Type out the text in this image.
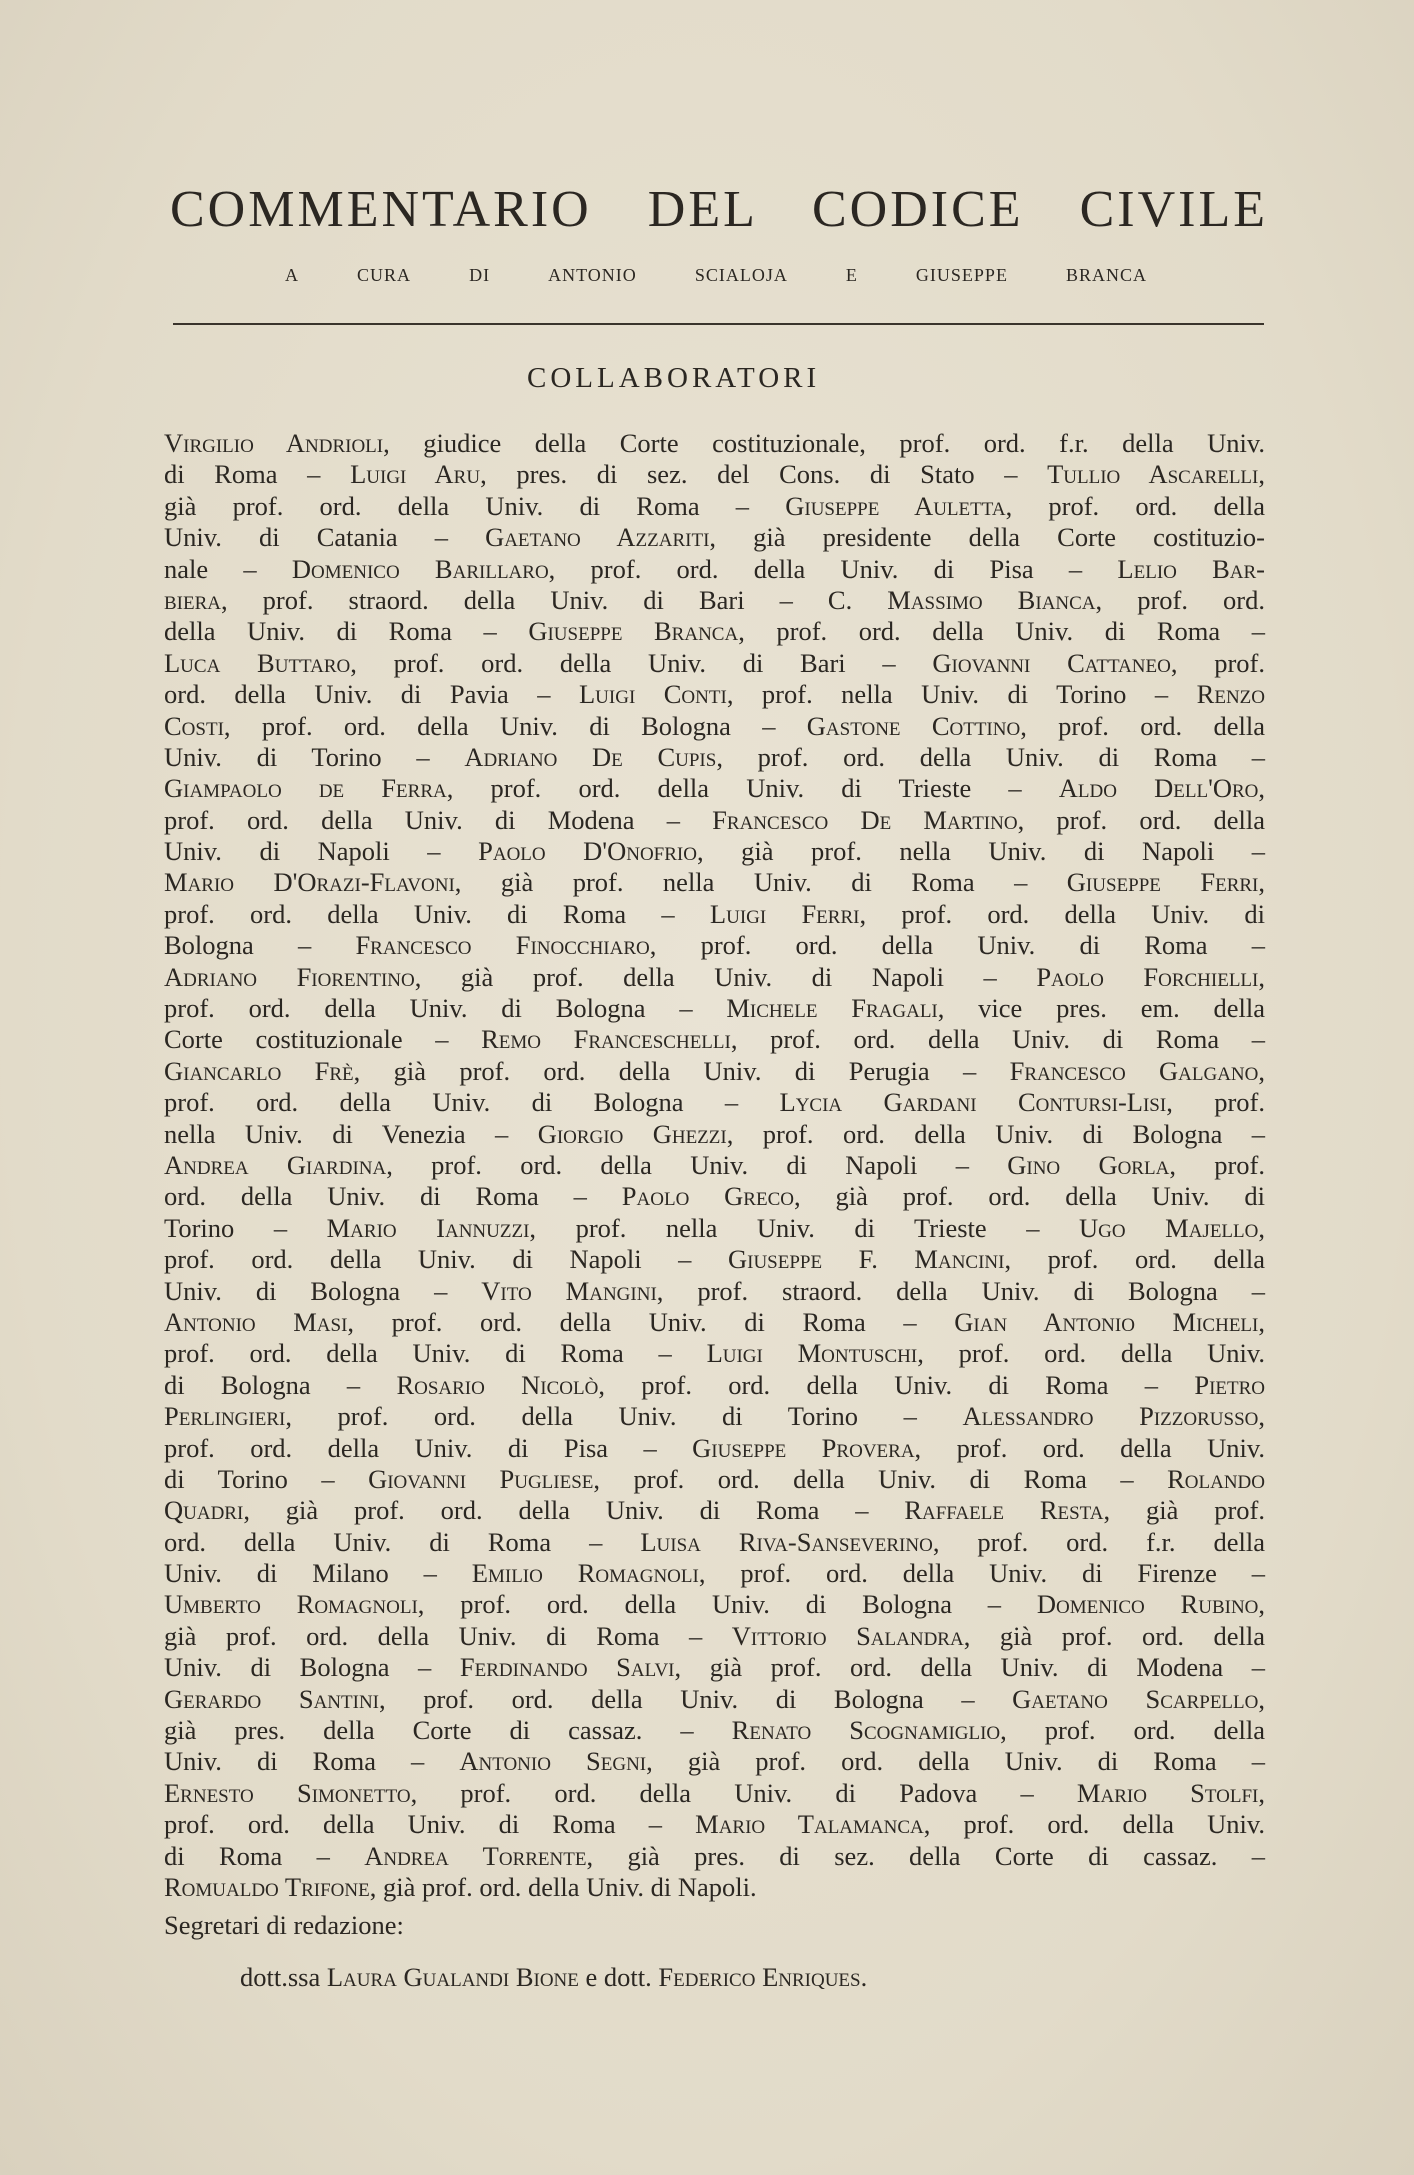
COMMENTARIO DEL CODICE CIVILE
a cura di antonio scialoja e giuseppe branca
COLLABORATORI
Virgilio Andrioli, giudice della Corte costituzionale, prof. ord. f.r. della Univ.
di Roma – Luigi Aru, pres. di sez. del Cons. di Stato – Tullio Ascarelli,
già prof. ord. della Univ. di Roma – Giuseppe Auletta, prof. ord. della
Univ. di Catania – Gaetano Azzariti, già presidente della Corte costituzio-
nale – Domenico Barillaro, prof. ord. della Univ. di Pisa – Lelio Bar-
biera, prof. straord. della Univ. di Bari – C. Massimo Bianca, prof. ord.
della Univ. di Roma – Giuseppe Branca, prof. ord. della Univ. di Roma –
Luca Buttaro, prof. ord. della Univ. di Bari – Giovanni Cattaneo, prof.
ord. della Univ. di Pavia – Luigi Conti, prof. nella Univ. di Torino – Renzo
Costi, prof. ord. della Univ. di Bologna – Gastone Cottino, prof. ord. della
Univ. di Torino – Adriano De Cupis, prof. ord. della Univ. di Roma –
Giampaolo de Ferra, prof. ord. della Univ. di Trieste – Aldo Dell'Oro,
prof. ord. della Univ. di Modena – Francesco De Martino, prof. ord. della
Univ. di Napoli – Paolo D'Onofrio, già prof. nella Univ. di Napoli –
Mario D'Orazi-Flavoni, già prof. nella Univ. di Roma – Giuseppe Ferri,
prof. ord. della Univ. di Roma – Luigi Ferri, prof. ord. della Univ. di
Bologna – Francesco Finocchiaro, prof. ord. della Univ. di Roma –
Adriano Fiorentino, già prof. della Univ. di Napoli – Paolo Forchielli,
prof. ord. della Univ. di Bologna – Michele Fragali, vice pres. em. della
Corte costituzionale – Remo Franceschelli, prof. ord. della Univ. di Roma –
Giancarlo Frè, già prof. ord. della Univ. di Perugia – Francesco Galgano,
prof. ord. della Univ. di Bologna – Lycia Gardani Contursi-Lisi, prof.
nella Univ. di Venezia – Giorgio Ghezzi, prof. ord. della Univ. di Bologna –
Andrea Giardina, prof. ord. della Univ. di Napoli – Gino Gorla, prof.
ord. della Univ. di Roma – Paolo Greco, già prof. ord. della Univ. di
Torino – Mario Iannuzzi, prof. nella Univ. di Trieste – Ugo Majello,
prof. ord. della Univ. di Napoli – Giuseppe F. Mancini, prof. ord. della
Univ. di Bologna – Vito Mangini, prof. straord. della Univ. di Bologna –
Antonio Masi, prof. ord. della Univ. di Roma – Gian Antonio Micheli,
prof. ord. della Univ. di Roma – Luigi Montuschi, prof. ord. della Univ.
di Bologna – Rosario Nicolò, prof. ord. della Univ. di Roma – Pietro
Perlingieri, prof. ord. della Univ. di Torino – Alessandro Pizzorusso,
prof. ord. della Univ. di Pisa – Giuseppe Provera, prof. ord. della Univ.
di Torino – Giovanni Pugliese, prof. ord. della Univ. di Roma – Rolando
Quadri, già prof. ord. della Univ. di Roma – Raffaele Resta, già prof.
ord. della Univ. di Roma – Luisa Riva-Sanseverino, prof. ord. f.r. della
Univ. di Milano – Emilio Romagnoli, prof. ord. della Univ. di Firenze –
Umberto Romagnoli, prof. ord. della Univ. di Bologna – Domenico Rubino,
già prof. ord. della Univ. di Roma – Vittorio Salandra, già prof. ord. della
Univ. di Bologna – Ferdinando Salvi, già prof. ord. della Univ. di Modena –
Gerardo Santini, prof. ord. della Univ. di Bologna – Gaetano Scarpello,
già pres. della Corte di cassaz. – Renato Scognamiglio, prof. ord. della
Univ. di Roma – Antonio Segni, già prof. ord. della Univ. di Roma –
Ernesto Simonetto, prof. ord. della Univ. di Padova – Mario Stolfi,
prof. ord. della Univ. di Roma – Mario Talamanca, prof. ord. della Univ.
di Roma – Andrea Torrente, già pres. di sez. della Corte di cassaz. –
Romualdo Trifone, già prof. ord. della Univ. di Napoli.
Segretari di redazione:
dott.ssa Laura Gualandi Bione e dott. Federico Enriques.
